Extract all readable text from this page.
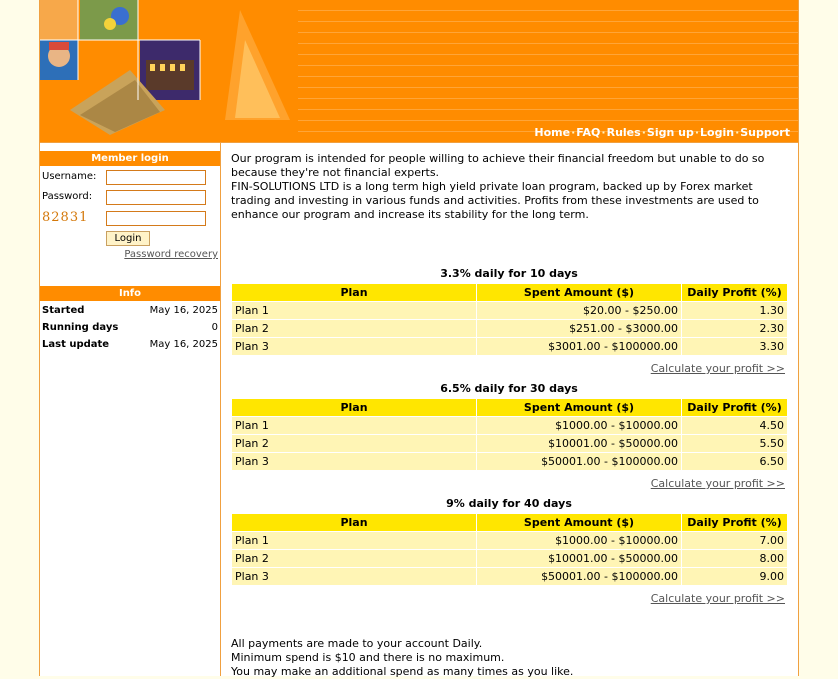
Home·FAQ·Rules·Sign up·Login·Support
Member login
Username:
Password:
82831
Login
Password recovery
Info
Started	May 16, 2025
Running days	0
Last update	May 16, 2025
Our program is intended for people willing to achieve their financial freedom but unable to do so because they're not financial experts.
FIN-SOLUTIONS LTD is a long term high yield private loan program, backed up by Forex market trading and investing in various funds and activities. Profits from these investments are used to enhance our program and increase its stability for the long term.
3.3% daily for 10 days
Plan	Spent Amount ($)	Daily Profit (%)
Plan 1	$20.00 - $250.00	1.30
Plan 2	$251.00 - $3000.00	2.30
Plan 3	$3001.00 - $100000.00	3.30
Calculate your profit >>
6.5% daily for 30 days
Plan	Spent Amount ($)	Daily Profit (%)
Plan 1	$1000.00 - $10000.00	4.50
Plan 2	$10001.00 - $50000.00	5.50
Plan 3	$50001.00 - $100000.00	6.50
Calculate your profit >>
9% daily for 40 days
Plan	Spent Amount ($)	Daily Profit (%)
Plan 1	$1000.00 - $10000.00	7.00
Plan 2	$10001.00 - $50000.00	8.00
Plan 3	$50001.00 - $100000.00	9.00
Calculate your profit >>
All payments are made to your account Daily.
Minimum spend is $10 and there is no maximum.
You may make an additional spend as many times as you like.
